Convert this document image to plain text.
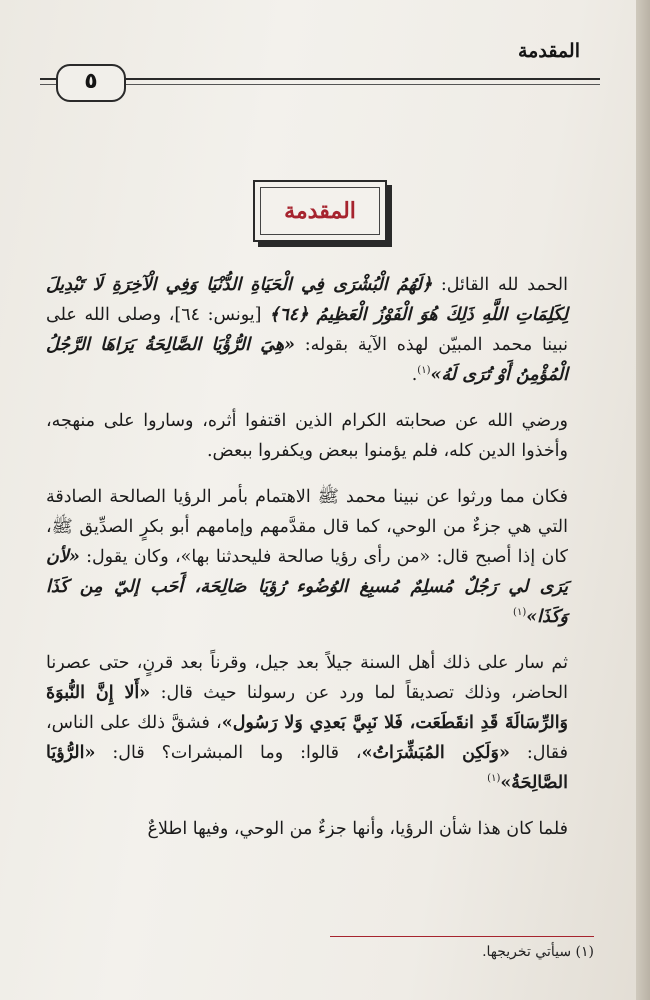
المقدمة
٥
المقدمة

الحمد لله القائل: ﴿لَهُمُ الْبُشْرَى فِي الْحَيَاةِ الدُّنْيَا وَفِي الْآخِرَةِ لَا تَبْدِيلَ لِكَلِمَاتِ اللَّهِ ذَلِكَ هُوَ الْفَوْزُ الْعَظِيمُ ﴿٦٤﴾ [يونس: ٦٤]، وصلى الله على نبينا محمد المبيّن لهذه الآية بقوله: «هِيَ الرُّؤْيَا الصَّالِحَةُ يَرَاهَا الرَّجُلُ الْمُؤْمِنُ أَوْ تُرَى لَهُ»$^{(١)}$.

ورضي الله عن صحابته الكرام الذين اقتفوا أثره، وساروا على منهجه، وأخذوا الدين كله، فلم يؤمنوا ببعض ويكفروا ببعض.

فكان مما ورثوا عن نبينا محمد ﷺ الاهتمام بأمر الرؤيا الصالحة الصادقة التي هي جزءٌ من الوحي، كما قال مقدَّمهم وإمامهم أبو بكرٍ الصدِّيق ﷺ، كان إذا أصبح قال: «من رأى رؤيا صالحة فليحدثنا بها»، وكان يقول: «لأن يَرَى لي رَجُلٌ مُسلِمٌ مُسبِغ الوُضُوء رُؤيَا صَالِحَة، أَحَب إليّ مِن كَذَا وَكَذَا»$^{(١)}$

ثم سار على ذلك أهل السنة جيلاً بعد جيل، وقرناً بعد قرنٍ، حتى عصرنا الحاضر، وذلك تصديقاً لما ورد عن رسولنا حيث قال: «أَلا إِنَّ النُّبوَةَ وَالرِّسَالَةَ قَدِ انقَطَعَت، فَلا نَبِيَّ بَعدِي وَلا رَسُول»، فشقَّ ذلك على الناس، فقال: «وَلَكِن المُبَشِّرَاتُ»، قالوا: وما المبشرات؟ قال: «الرُّؤيَا الصَّالِحَةُ»$^{(١)}$

فلما كان هذا شأن الرؤيا، وأنها جزءٌ من الوحي، وفيها اطلاعٌ

(١) سيأتي تخريجها.
